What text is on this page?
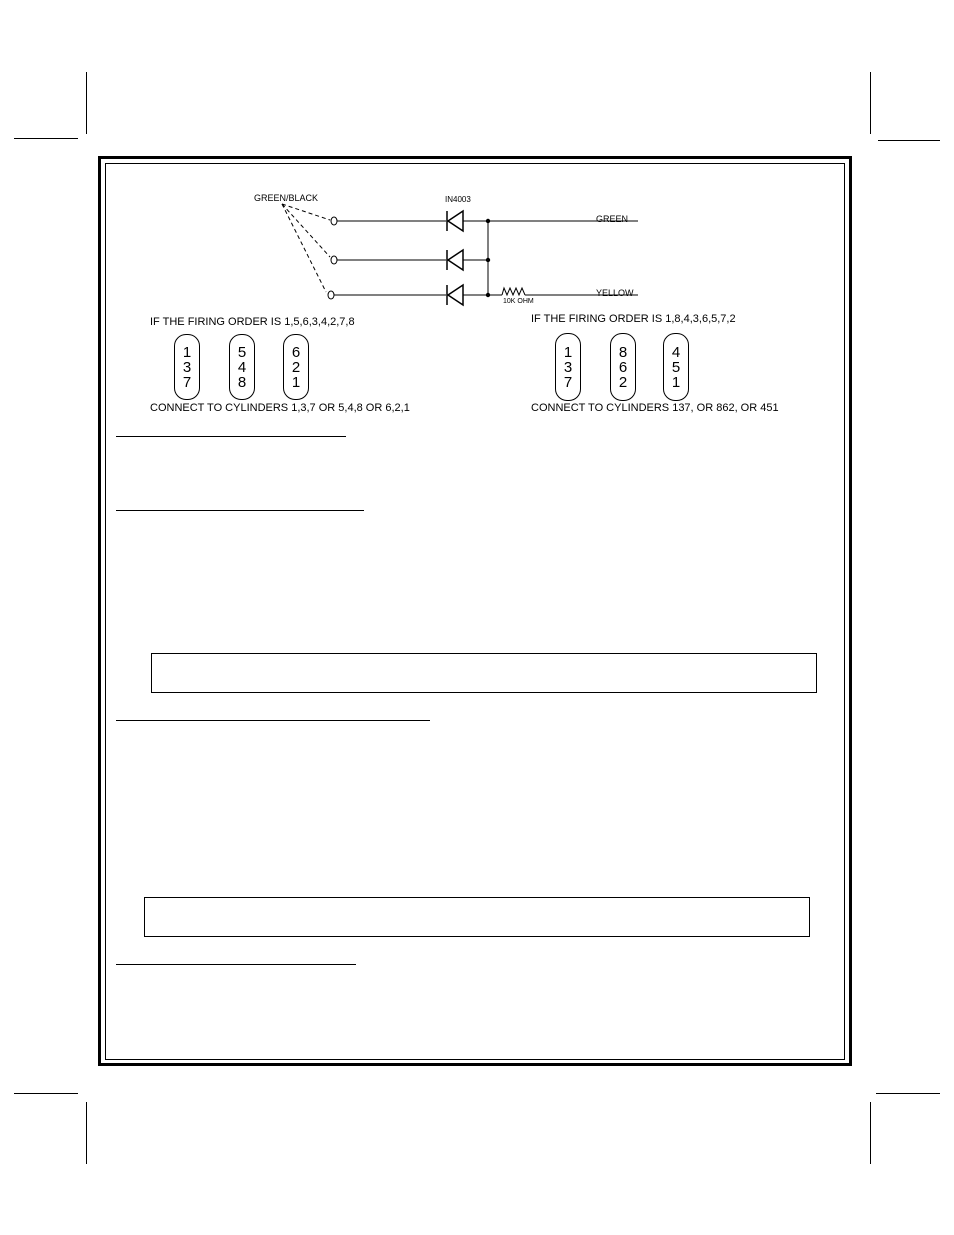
GREEN/BLACK	IN4003
GREEN
YELLOW
10K OHM
IF THE FIRING ORDER IS 1,5,6,3,4,2,7,8
1
3
7
5
4
8
6
2
1
CONNECT TO CYLINDERS 1,3,7 OR 5,4,8 OR 6,2,1
IF THE FIRING ORDER IS 1,8,4,3,6,5,7,2
1
3
7
8
6
2
4
5
1
CONNECT TO CYLINDERS 137, OR 862, OR 451
